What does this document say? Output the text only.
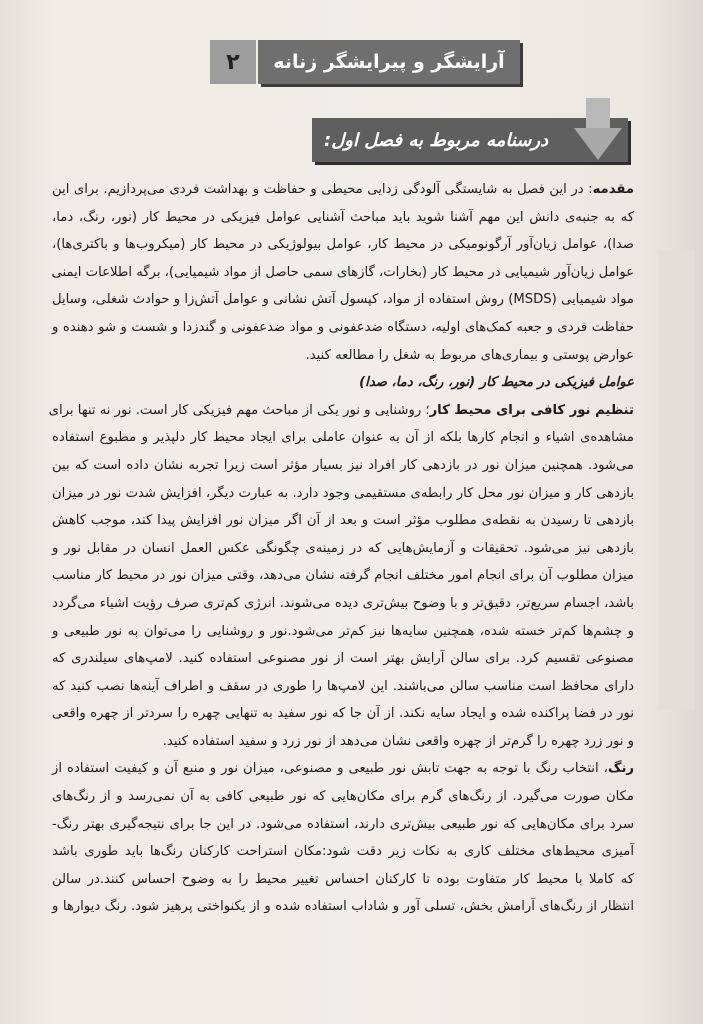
۲ آرایشگر و پیرایشگر زنانه
درسنامه مربوط به فصل اول:

مقدمه: در این فصل به شایستگی آلودگی زدایی محیطی و حفاظت و بهداشت فردی می‌پردازیم. برای این
که به جنبه‌ی دانش این مهم آشنا شوید باید مباحث آشنایی عوامل فیزیکی در محیط کار (نور، رنگ، دما،
صدا)، عوامل زیان‌آور آرگونومیکی در محیط کار، عوامل بیولوژیکی در محیط کار (میکروب‌ها و باکتری‌ها)،
عوامل زیان‌آور شیمیایی در محیط کار (بخارات، گازهای سمی حاصل از مواد شیمیایی)، برگه اطلاعات ایمنی
مواد شیمیایی (MSDS) روش استفاده از مواد، کپسول آتش نشانی و عوامل آتش‌زا و حوادث شغلی، وسایل
حفاظت فردی و جعبه کمک‌های اولیه، دستگاه ضدعفونی و مواد ضدعفونی و گندزدا و شست و شو دهنده و
عوارض پوستی و بیماری‌های مربوط به شغل را مطالعه کنید.

عوامل فیزیکی در محیط کار (نور، رنگ، دما، صدا)

تنظیم نور کافی برای محیط کار؛ روشنایی و نور یکی از مباحث مهم فیزیکی کار است. نور نه تنها برای
مشاهده‌ی اشیاء و انجام کارها بلکه از آن به عنوان عاملی برای ایجاد محیط کار دلپذیر و مطبوع استفاده
می‌شود. همچنین میزان نور در بازدهی کار افراد نیز بسیار مؤثر است زیرا تجربه نشان داده است که بین
بازدهی کار و میزان نور محل کار رابطه‌ی مستقیمی وجود دارد. به عبارت دیگر، افزایش شدت نور در میزان
بازدهی تا رسیدن به نقطه‌ی مطلوب مؤثر است و بعد از آن اگر میزان نور افزایش پیدا کند، موجب کاهش
بازدهی نیز می‌شود. تحقیقات و آزمایش‌هایی که در زمینه‌ی چگونگی عکس العمل انسان در مقابل نور و
میزان مطلوب آن برای انجام امور مختلف انجام گرفته نشان می‌دهد، وقتی میزان نور در محیط کار مناسب
باشد، اجسام سریع‌تر، دقیق‌تر و با وضوح بیش‌تری دیده می‌شوند. انرژی کم‌تری صرف رؤیت اشیاء می‌گردد
و چشم‌ها کم‌تر خسته شده، همچنین سایه‌ها نیز کم‌تر می‌شود.نور و روشنایی را می‌توان به نور طبیعی و
مصنوعی تقسیم کرد. برای سالن آرایش بهتر است از نور مصنوعی استفاده کنید. لامپ‌های سیلندری که
دارای محافظ است مناسب سالن می‌باشند. این لامپ‌ها را طوری در سقف و اطراف آینه‌ها نصب کنید که
نور در فضا پراکنده شده و ایجاد سایه نکند. از آن جا که نور سفید به تنهایی چهره را سردتر از چهره واقعی
و نور زرد چهره را گرم‌تر از چهره واقعی نشان می‌دهد از نور زرد و سفید استفاده کنید.

رنگ، انتخاب رنگ با توجه به جهت تابش نور طبیعی و مصنوعی، میزان نور و منبع آن و کیفیت استفاده از
مکان صورت می‌گیرد. از رنگ‌های گرم برای مکان‌هایی که نور طبیعی کافی به آن نمی‌رسد و از رنگ‌های
سرد برای مکان‌هایی که نور طبیعی بیش‌تری دارند، استفاده می‌شود. در این جا برای نتیجه‌گیری بهتر رنگ-
آمیزی محیط‌های مختلف کاری به نکات زیر دقت شود:مکان استراحت کارکنان رنگ‌ها باید طوری باشد
که کاملا با محیط کار متفاوت بوده تا کارکنان احساس تغییر محیط را به وضوح احساس کنند.در سالن
انتظار از رنگ‌های آرامش بخش، تسلی آور و شاداب استفاده شده و از یکنواختی پرهیز شود. رنگ دیوارها و
